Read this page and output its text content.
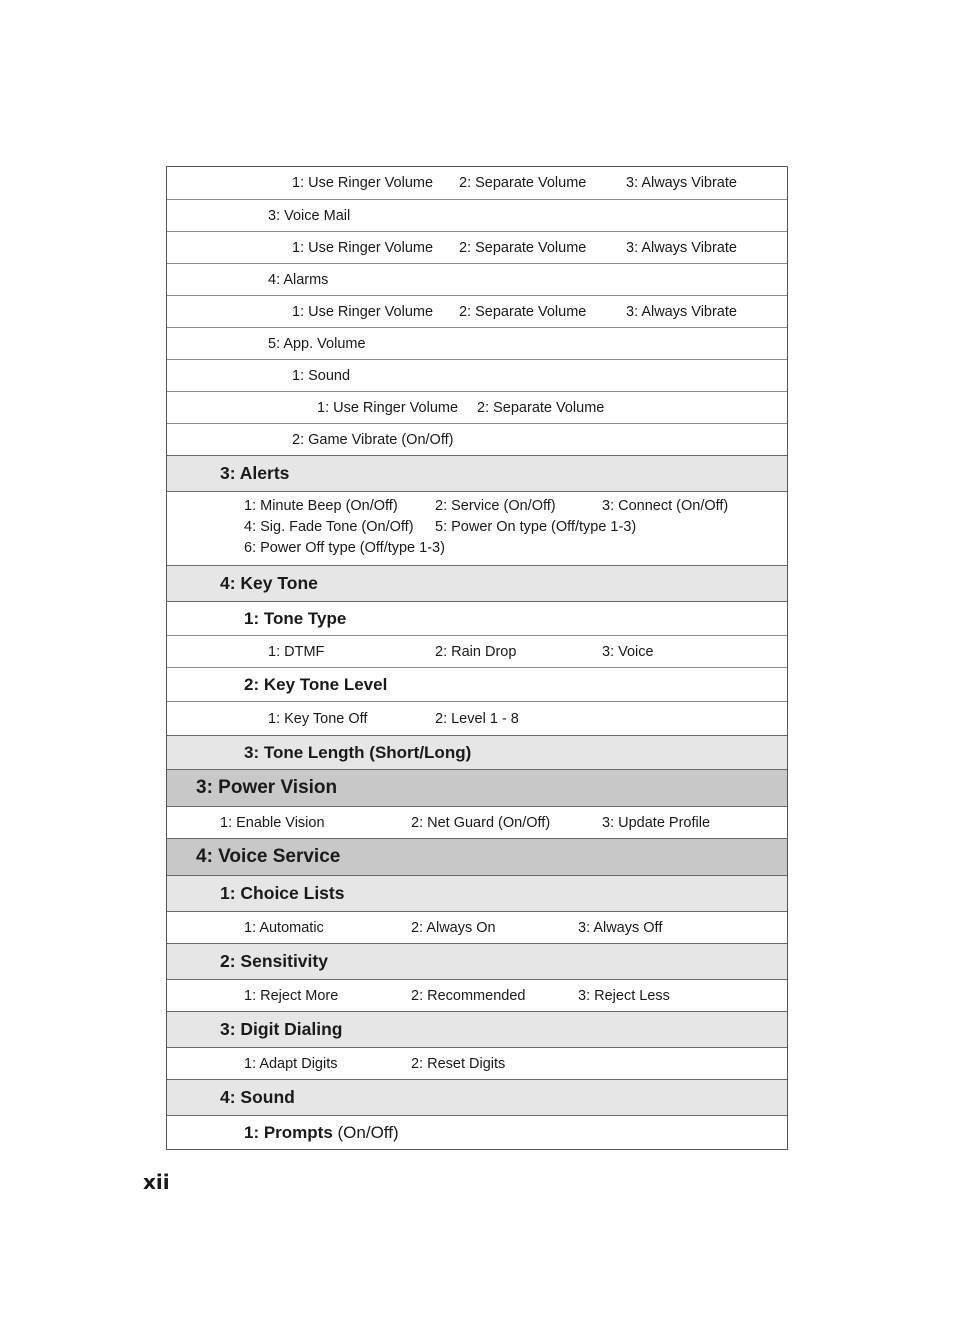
1: Use Ringer Volume 2: Separate Volume	3: Always Vibrate
3: Voice Mail
1: Use Ringer Volume 2: Separate Volume	3: Always Vibrate
4: Alarms
1: Use Ringer Volume 2: Separate Volume	3: Always Vibrate
5: App. Volume
1: Sound
1: Use Ringer Volume 2: Separate Volume
2: Game Vibrate (On/Off)
3: Alerts
1: Minute Beep (On/Off)	2: Service (On/Off)	3: Connect (On/Off)
4: Sig. Fade Tone (On/Off) 5: Power On type (Off/type 1-3)
6: Power Off type (Off/type 1-3)
4: Key Tone
1: Tone Type
1: DTMF	2: Rain Drop	3: Voice
2: Key Tone Level
1: Key Tone Off	2: Level 1 - 8
3: Tone Length (Short/Long)
3: Power Vision
1: Enable Vision	2: Net Guard (On/Off)	3: Update Profile
4: Voice Service
1: Choice Lists
1: Automatic	2: Always On	3: Always Off
2: Sensitivity
1: Reject More	2: Recommended	3: Reject Less
3: Digit Dialing
1: Adapt Digits	2: Reset Digits
4: Sound
1: Prompts (On/Off)
xii
